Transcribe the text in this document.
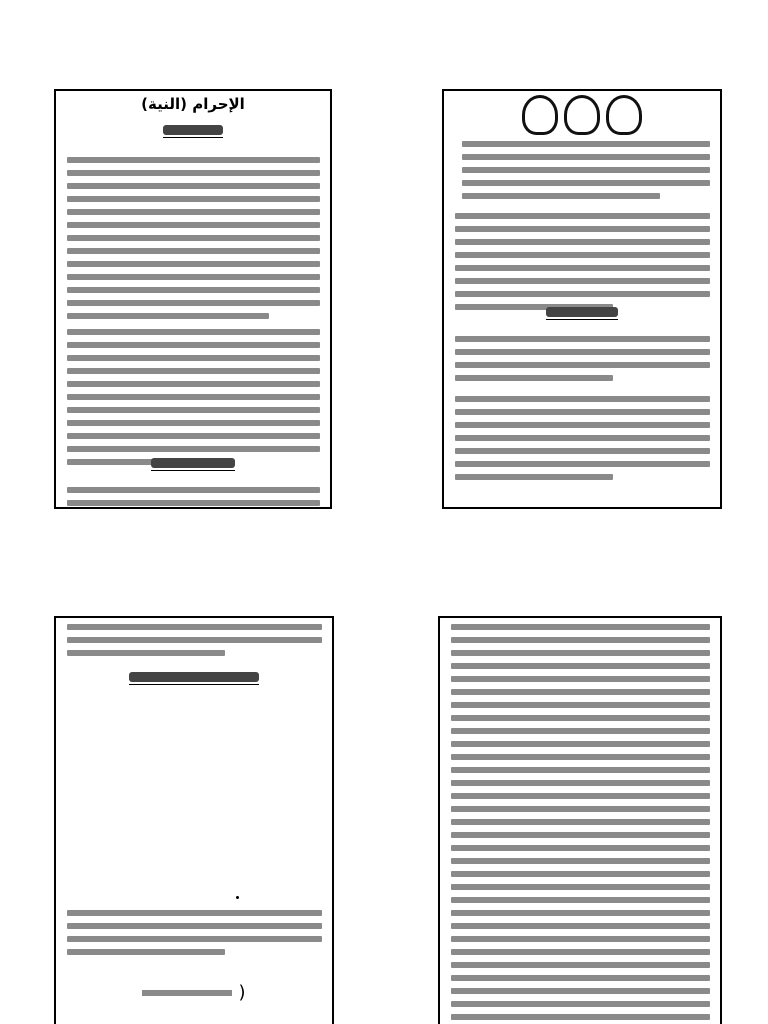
الإحرام (النية)
)
